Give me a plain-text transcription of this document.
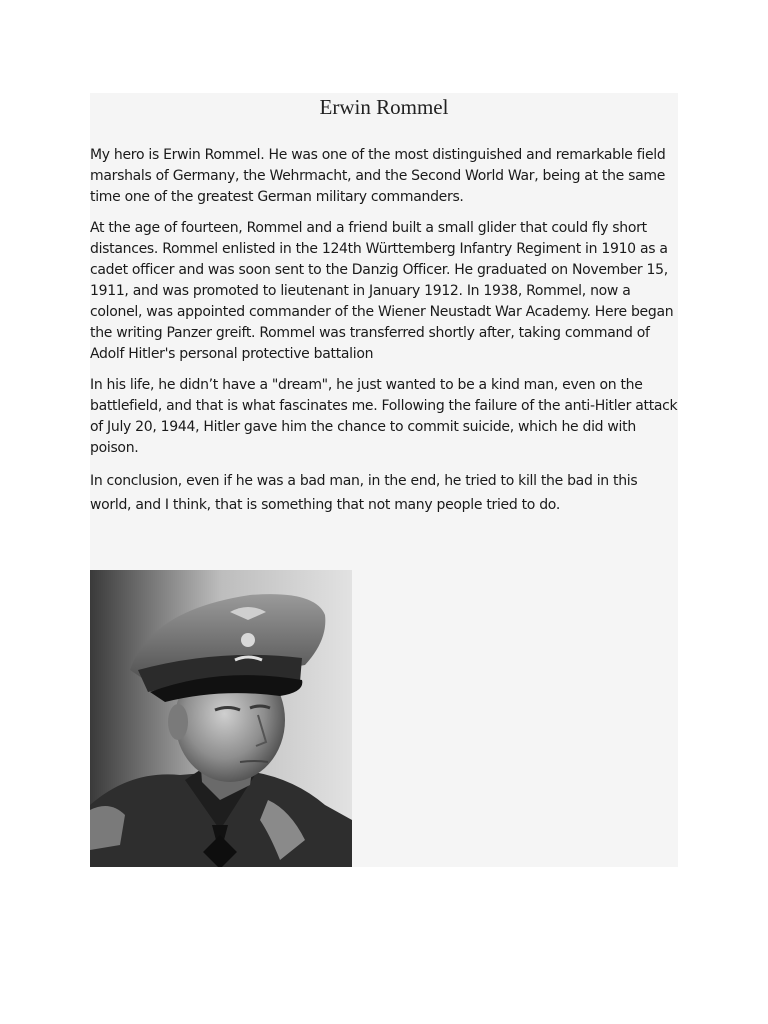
Erwin Rommel

My hero is Erwin Rommel. He was one of the most distinguished and remarkable field marshals of Germany, the Wehrmacht, and the Second World War, being at the same time one of the greatest German military commanders.

At the age of fourteen, Rommel and a friend built a small glider that could fly short distances. Rommel enlisted in the 124th Württemberg Infantry Regiment in 1910 as a cadet officer and was soon sent to the Danzig Officer. He graduated on November 15, 1911, and was promoted to lieutenant in January 1912. In 1938, Rommel, now a colonel, was appointed commander of the Wiener Neustadt War Academy. Here began the writing Panzer greift. Rommel was transferred shortly after, taking command of Adolf Hitler's personal protective battalion

In his life, he didn’t have a "dream", he just wanted to be a kind man, even on the battlefield, and that is what fascinates me. Following the failure of the anti-Hitler attack of July 20, 1944, Hitler gave him the chance to commit suicide, which he did with poison.

In conclusion, even if he was a bad man, in the end, he tried to kill the bad in this world, and I think, that is something that not many people tried to do.
